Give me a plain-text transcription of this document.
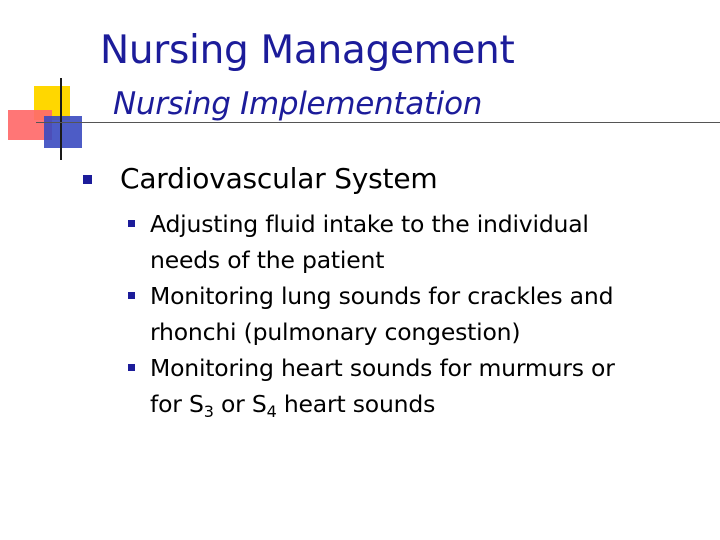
Nursing Management
Nursing Implementation
Cardiovascular System
Adjusting fluid intake to the individual
needs of the patient
Monitoring lung sounds for crackles and
rhonchi (pulmonary congestion)
Monitoring heart sounds for murmurs or
for $S_3$ or $S_4$ heart sounds
